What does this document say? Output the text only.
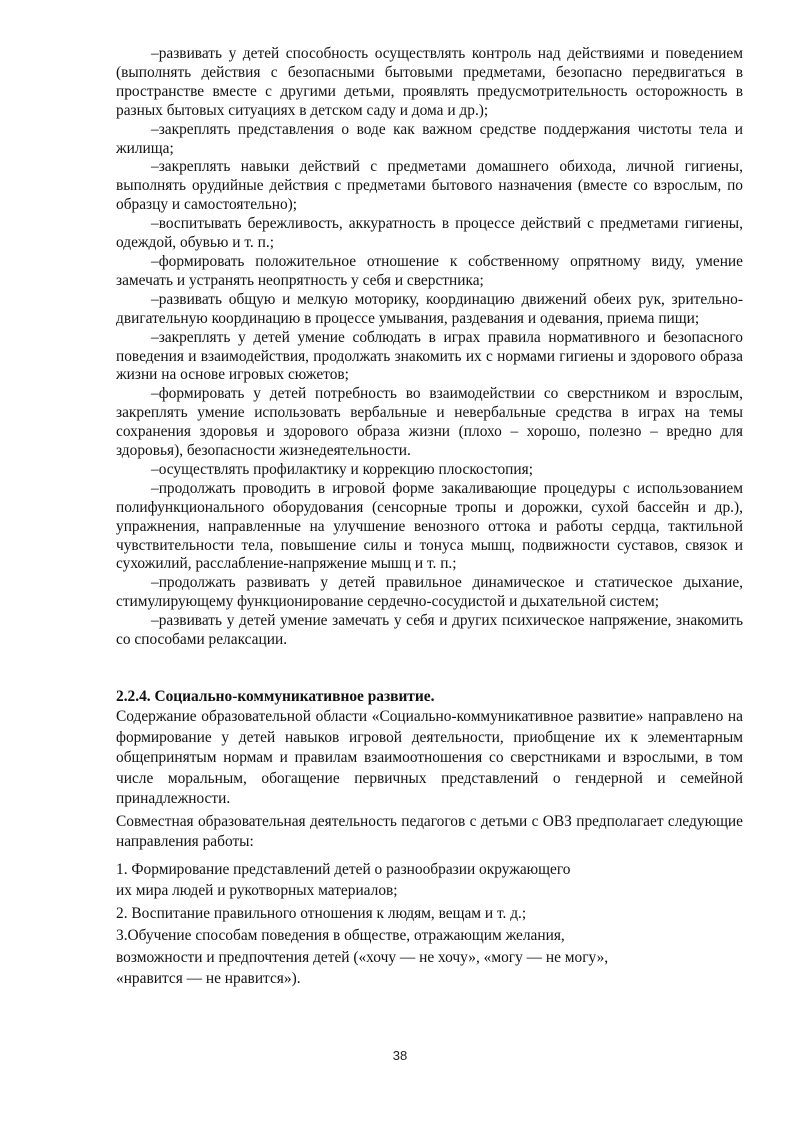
–развивать у детей способность осуществлять контроль над действиями и поведением (выполнять действия с безопасными бытовыми предметами, безопасно передвигаться в пространстве вместе с другими детьми, проявлять предусмотрительность осторожность в разных бытовых ситуациях в детском саду и дома и др.);

–закреплять представления о воде как важном средстве поддержания чистоты тела и жилища;

–закреплять навыки действий с предметами домашнего обихода, личной гигиены, выполнять орудийные действия с предметами бытового назначения (вместе со взрослым, по образцу и самостоятельно);

–воспитывать бережливость, аккуратность в процессе действий с предметами гигиены, одеждой, обувью и т. п.;

–формировать положительное отношение к собственному опрятному виду, умение замечать и устранять неопрятность у себя и сверстника;

–развивать общую и мелкую моторику, координацию движений обеих рук, зрительно-двигательную координацию в процессе умывания, раздевания и одевания, приема пищи;

–закреплять у детей умение соблюдать в играх правила нормативного и безопасного поведения и взаимодействия, продолжать знакомить их с нормами гигиены и здорового образа жизни на основе игровых сюжетов;

–формировать у детей потребность во взаимодействии со сверстником и взрослым, закреплять умение использовать вербальные и невербальные средства в играх на темы сохранения здоровья и здорового образа жизни (плохо – хорошо, полезно – вредно для здоровья), безопасности жизнедеятельности.

–осуществлять профилактику и коррекцию плоскостопия;

–продолжать проводить в игровой форме закаливающие процедуры с использованием полифункционального оборудования (сенсорные тропы и дорожки, сухой бассейн и др.), упражнения, направленные на улучшение венозного оттока и работы сердца, тактильной чувствительности тела, повышение силы и тонуса мышц, подвижности суставов, связок и сухожилий, расслабление-напряжение мышц и т. п.;

–продолжать развивать у детей правильное динамическое и статическое дыхание, стимулирующему функционирование сердечно-сосудистой и дыхательной систем;

–развивать у детей умение замечать у себя и других психическое напряжение, знакомить со способами релаксации.

2.2.4. Социально-коммуникативное развитие.

Содержание образовательной области «Социально-коммуникативное развитие» направлено на формирование у детей навыков игровой деятельности, приобщение их к элементарным общепринятым нормам и правилам взаимоотношения со сверстниками и взрослыми, в том числе моральным, обогащение первичных представлений о гендерной и семейной принадлежности.

Совместная образовательная деятельность педагогов с детьми с ОВЗ предполагает следующие направления работы:

1. Формирование представлений детей о разнообразии окружающего

их мира людей и рукотворных материалов;

2. Воспитание правильного отношения к людям, вещам и т. д.;

3.Обучение способам поведения в обществе, отражающим желания,

возможности и предпочтения детей («хочу — не хочу», «могу — не могу»,

«нравится — не нравится»).

38
